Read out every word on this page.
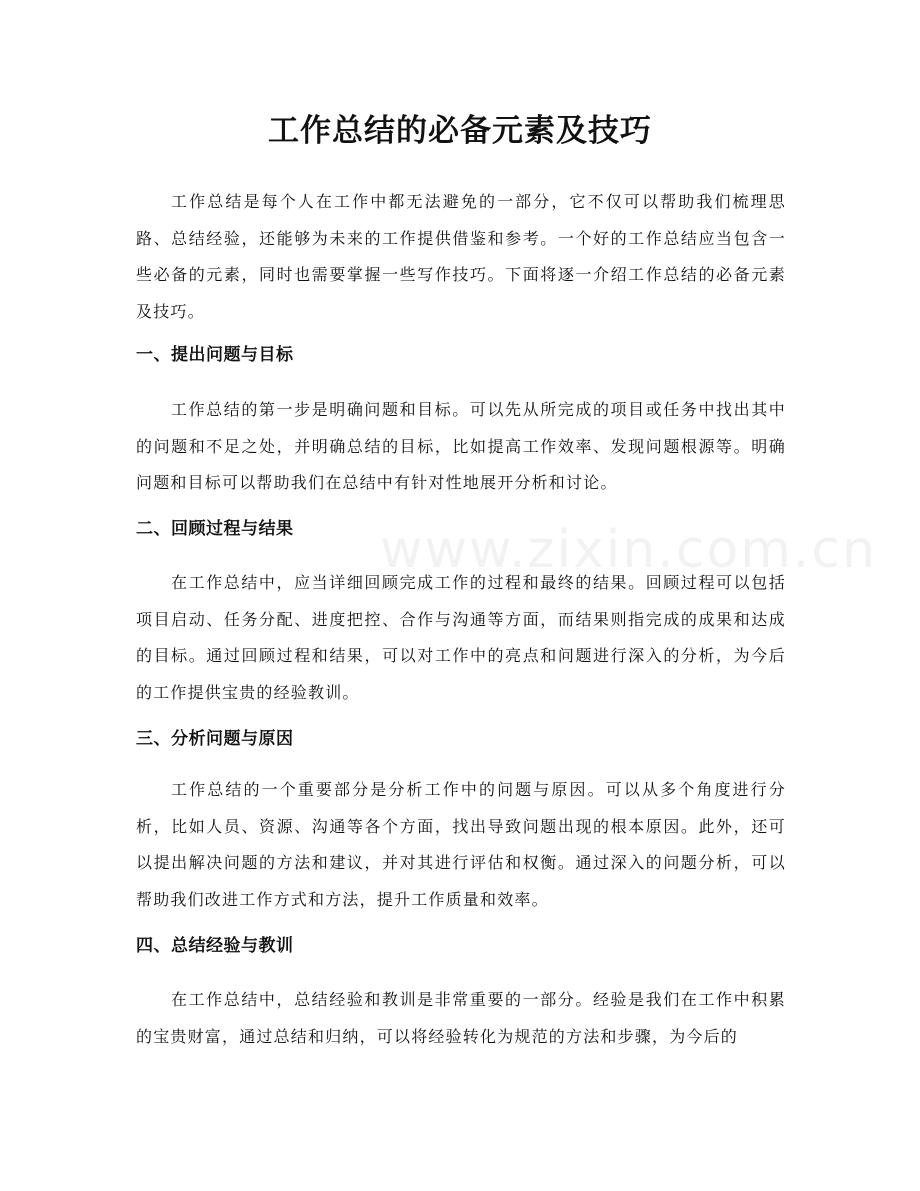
www.zixin.com.cn
工作总结的必备元素及技巧

工作总结是每个人在工作中都无法避免的一部分，它不仅可以帮助我们梳理思路、总结经验，还能够为未来的工作提供借鉴和参考。一个好的工作总结应当包含一些必备的元素，同时也需要掌握一些写作技巧。下面将逐一介绍工作总结的必备元素及技巧。

一、提出问题与目标

工作总结的第一步是明确问题和目标。可以先从所完成的项目或任务中找出其中的问题和不足之处，并明确总结的目标，比如提高工作效率、发现问题根源等。明确问题和目标可以帮助我们在总结中有针对性地展开分析和讨论。

二、回顾过程与结果

在工作总结中，应当详细回顾完成工作的过程和最终的结果。回顾过程可以包括项目启动、任务分配、进度把控、合作与沟通等方面，而结果则指完成的成果和达成的目标。通过回顾过程和结果，可以对工作中的亮点和问题进行深入的分析，为今后的工作提供宝贵的经验教训。

三、分析问题与原因

工作总结的一个重要部分是分析工作中的问题与原因。可以从多个角度进行分析，比如人员、资源、沟通等各个方面，找出导致问题出现的根本原因。此外，还可以提出解决问题的方法和建议，并对其进行评估和权衡。通过深入的问题分析，可以帮助我们改进工作方式和方法，提升工作质量和效率。

四、总结经验与教训

在工作总结中，总结经验和教训是非常重要的一部分。经验是我们在工作中积累的宝贵财富，通过总结和归纳，可以将经验转化为规范的方法和步骤，为今后的
